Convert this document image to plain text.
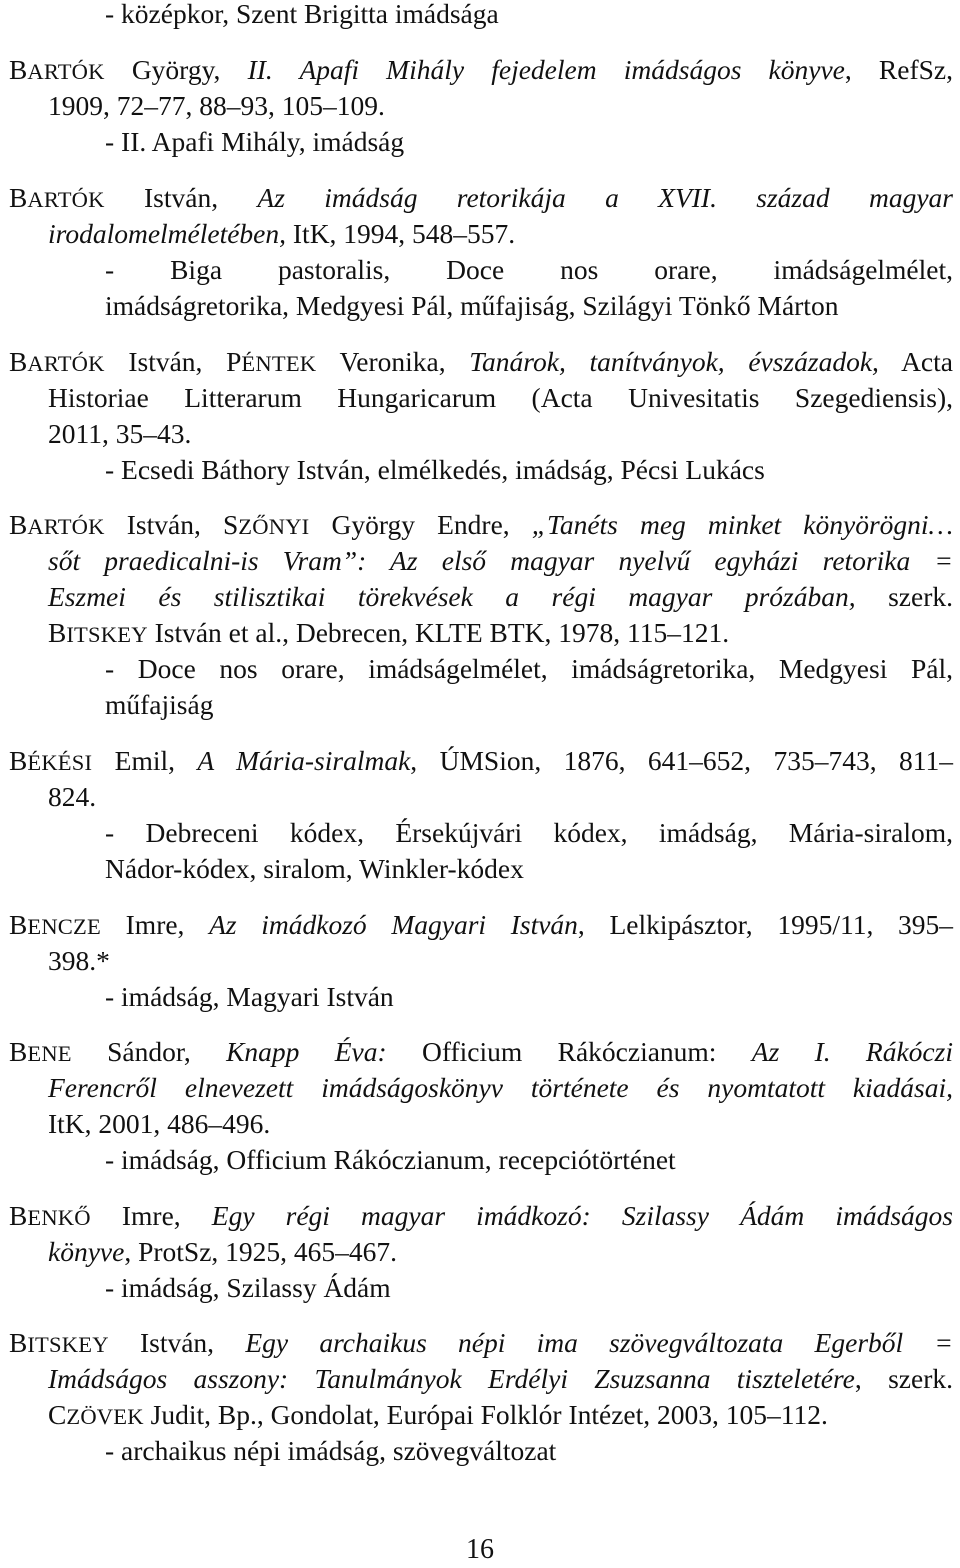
- középkor, Szent Brigitta imádsága
BARTÓK György, II. Apafi Mihály fejedelem imádságos könyve, RefSz,
1909, 72–77, 88–93, 105–109.
- II. Apafi Mihály, imádság
BARTÓK István, Az imádság retorikája a XVII. század magyar
irodalomelméletében, ItK, 1994, 548–557.
- Biga pastoralis, Doce nos orare, imádságelmélet,
imádságretorika, Medgyesi Pál, műfajiság, Szilágyi Tönkő Márton
BARTÓK István, PÉNTEK Veronika, Tanárok, tanítványok, évszázadok, Acta
Historiae Litterarum Hungaricarum (Acta Univesitatis Szegediensis),
2011, 35–43.
- Ecsedi Báthory István, elmélkedés, imádság, Pécsi Lukács
BARTÓK István, SZŐNYI György Endre, „Tanéts meg minket könyörögni…
sőt praedicalni-is Vram”: Az első magyar nyelvű egyházi retorika =
Eszmei és stilisztikai törekvések a régi magyar prózában, szerk.
BITSKEY István et al., Debrecen, KLTE BTK, 1978, 115–121.
- Doce nos orare, imádságelmélet, imádságretorika, Medgyesi Pál,
műfajiság
BÉKÉSI Emil, A Mária-siralmak, ÚMSion, 1876, 641–652, 735–743, 811–
824.
- Debreceni kódex, Érsekújvári kódex, imádság, Mária-siralom,
Nádor-kódex, siralom, Winkler-kódex
BENCZE Imre, Az imádkozó Magyari István, Lelkipásztor, 1995/11, 395–
398.*
- imádság, Magyari István
BENE Sándor, Knapp Éva: Officium Rákóczianum: Az I. Rákóczi
Ferencről elnevezett imádságoskönyv története és nyomtatott kiadásai,
ItK, 2001, 486–496.
- imádság, Officium Rákóczianum, recepciótörténet
BENKŐ Imre, Egy régi magyar imádkozó: Szilassy Ádám imádságos
könyve, ProtSz, 1925, 465–467.
- imádság, Szilassy Ádám
BITSKEY István, Egy archaikus népi ima szövegváltozata Egerből =
Imádságos asszony: Tanulmányok Erdélyi Zsuzsanna tiszteletére, szerk.
CZÖVEK Judit, Bp., Gondolat, Európai Folklór Intézet, 2003, 105–112.
- archaikus népi imádság, szövegváltozat
16
